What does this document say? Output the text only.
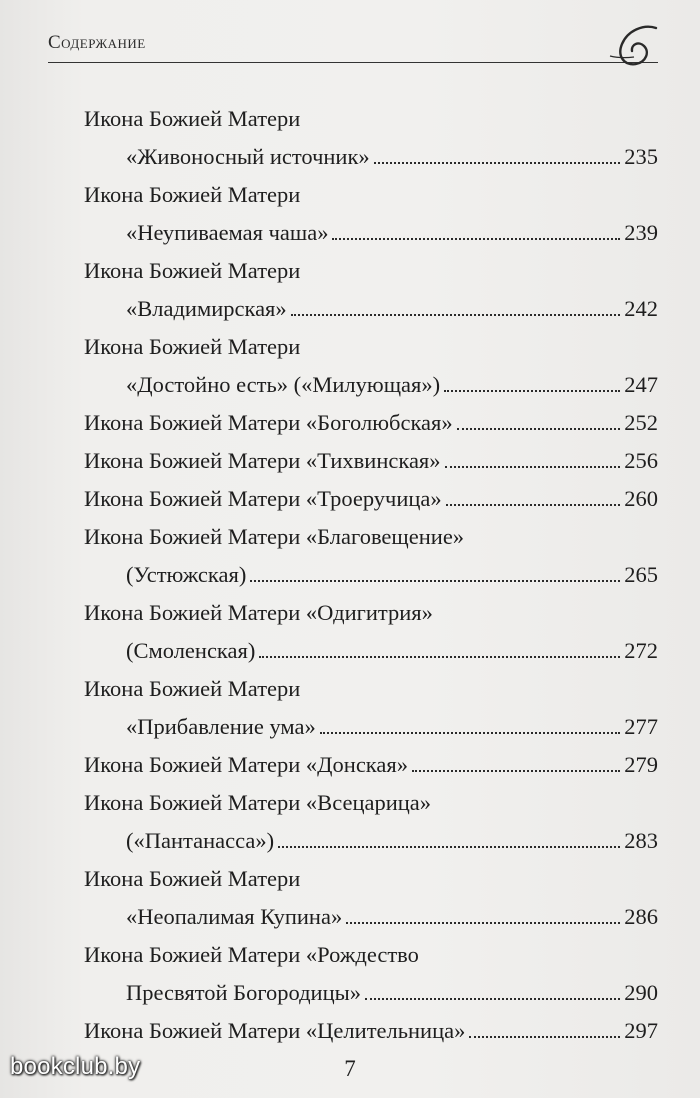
Содержание
Икона Божией Матери
«Живоносный источник»	235
Икона Божией Матери
«Неупиваемая чаша»	239
Икона Божией Матери
«Владимирская»	242
Икона Божией Матери
«Достойно есть» («Милующая»)	247
Икона Божией Матери «Боголюбская»	252
Икона Божией Матери «Тихвинская»	256
Икона Божией Матери «Троеручица»	260
Икона Божией Матери «Благовещение»
(Устюжская)	265
Икона Божией Матери «Одигитрия»
(Смоленская)	272
Икона Божией Матери
«Прибавление ума»	277
Икона Божией Матери «Донская»	279
Икона Божией Матери «Всецарица»
(«Пантанасса»)	283
Икона Божией Матери
«Неопалимая Купина»	286
Икона Божией Матери «Рождество
Пресвятой Богородицы»	290
Икона Божией Матери «Целительница»	297
7
bookclub.by
